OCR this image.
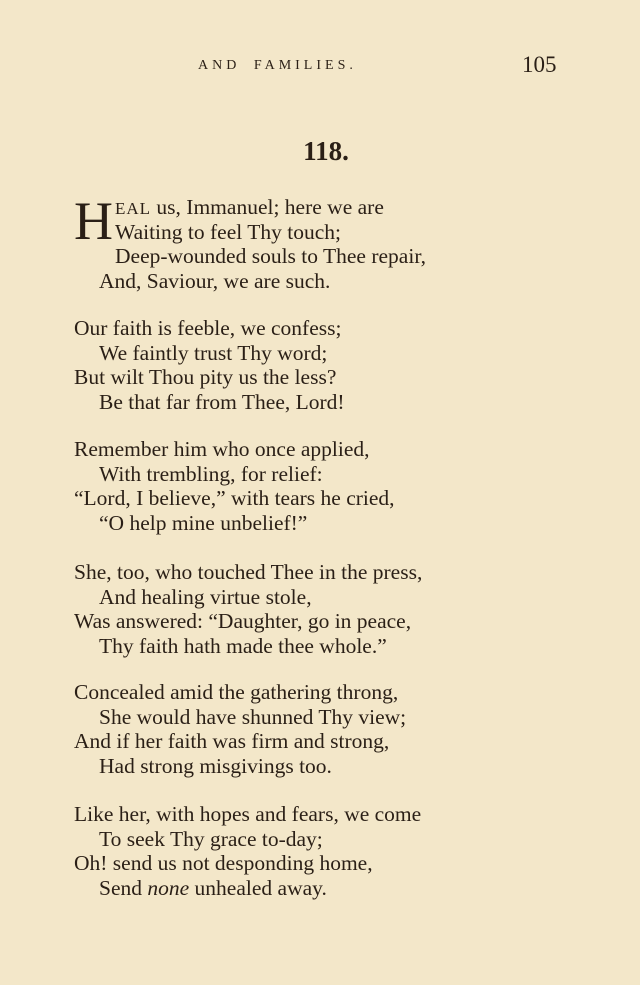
AND FAMILIES.	105
118.
H EAL us, Immanuel; here we are
Waiting to feel Thy touch;
Deep-wounded souls to Thee repair,
And, Saviour, we are such.
Our faith is feeble, we confess;
We faintly trust Thy word;
But wilt Thou pity us the less?
Be that far from Thee, Lord!
Remember him who once applied,
With trembling, for relief:
“Lord, I believe,” with tears he cried,
“O help mine unbelief!”
She, too, who touched Thee in the press,
And healing virtue stole,
Was answered: “Daughter, go in peace,
Thy faith hath made thee whole.”
Concealed amid the gathering throng,
She would have shunned Thy view;
And if her faith was firm and strong,
Had strong misgivings too.
Like her, with hopes and fears, we come
To seek Thy grace to-day;
Oh! send us not desponding home,
Send none unhealed away.
